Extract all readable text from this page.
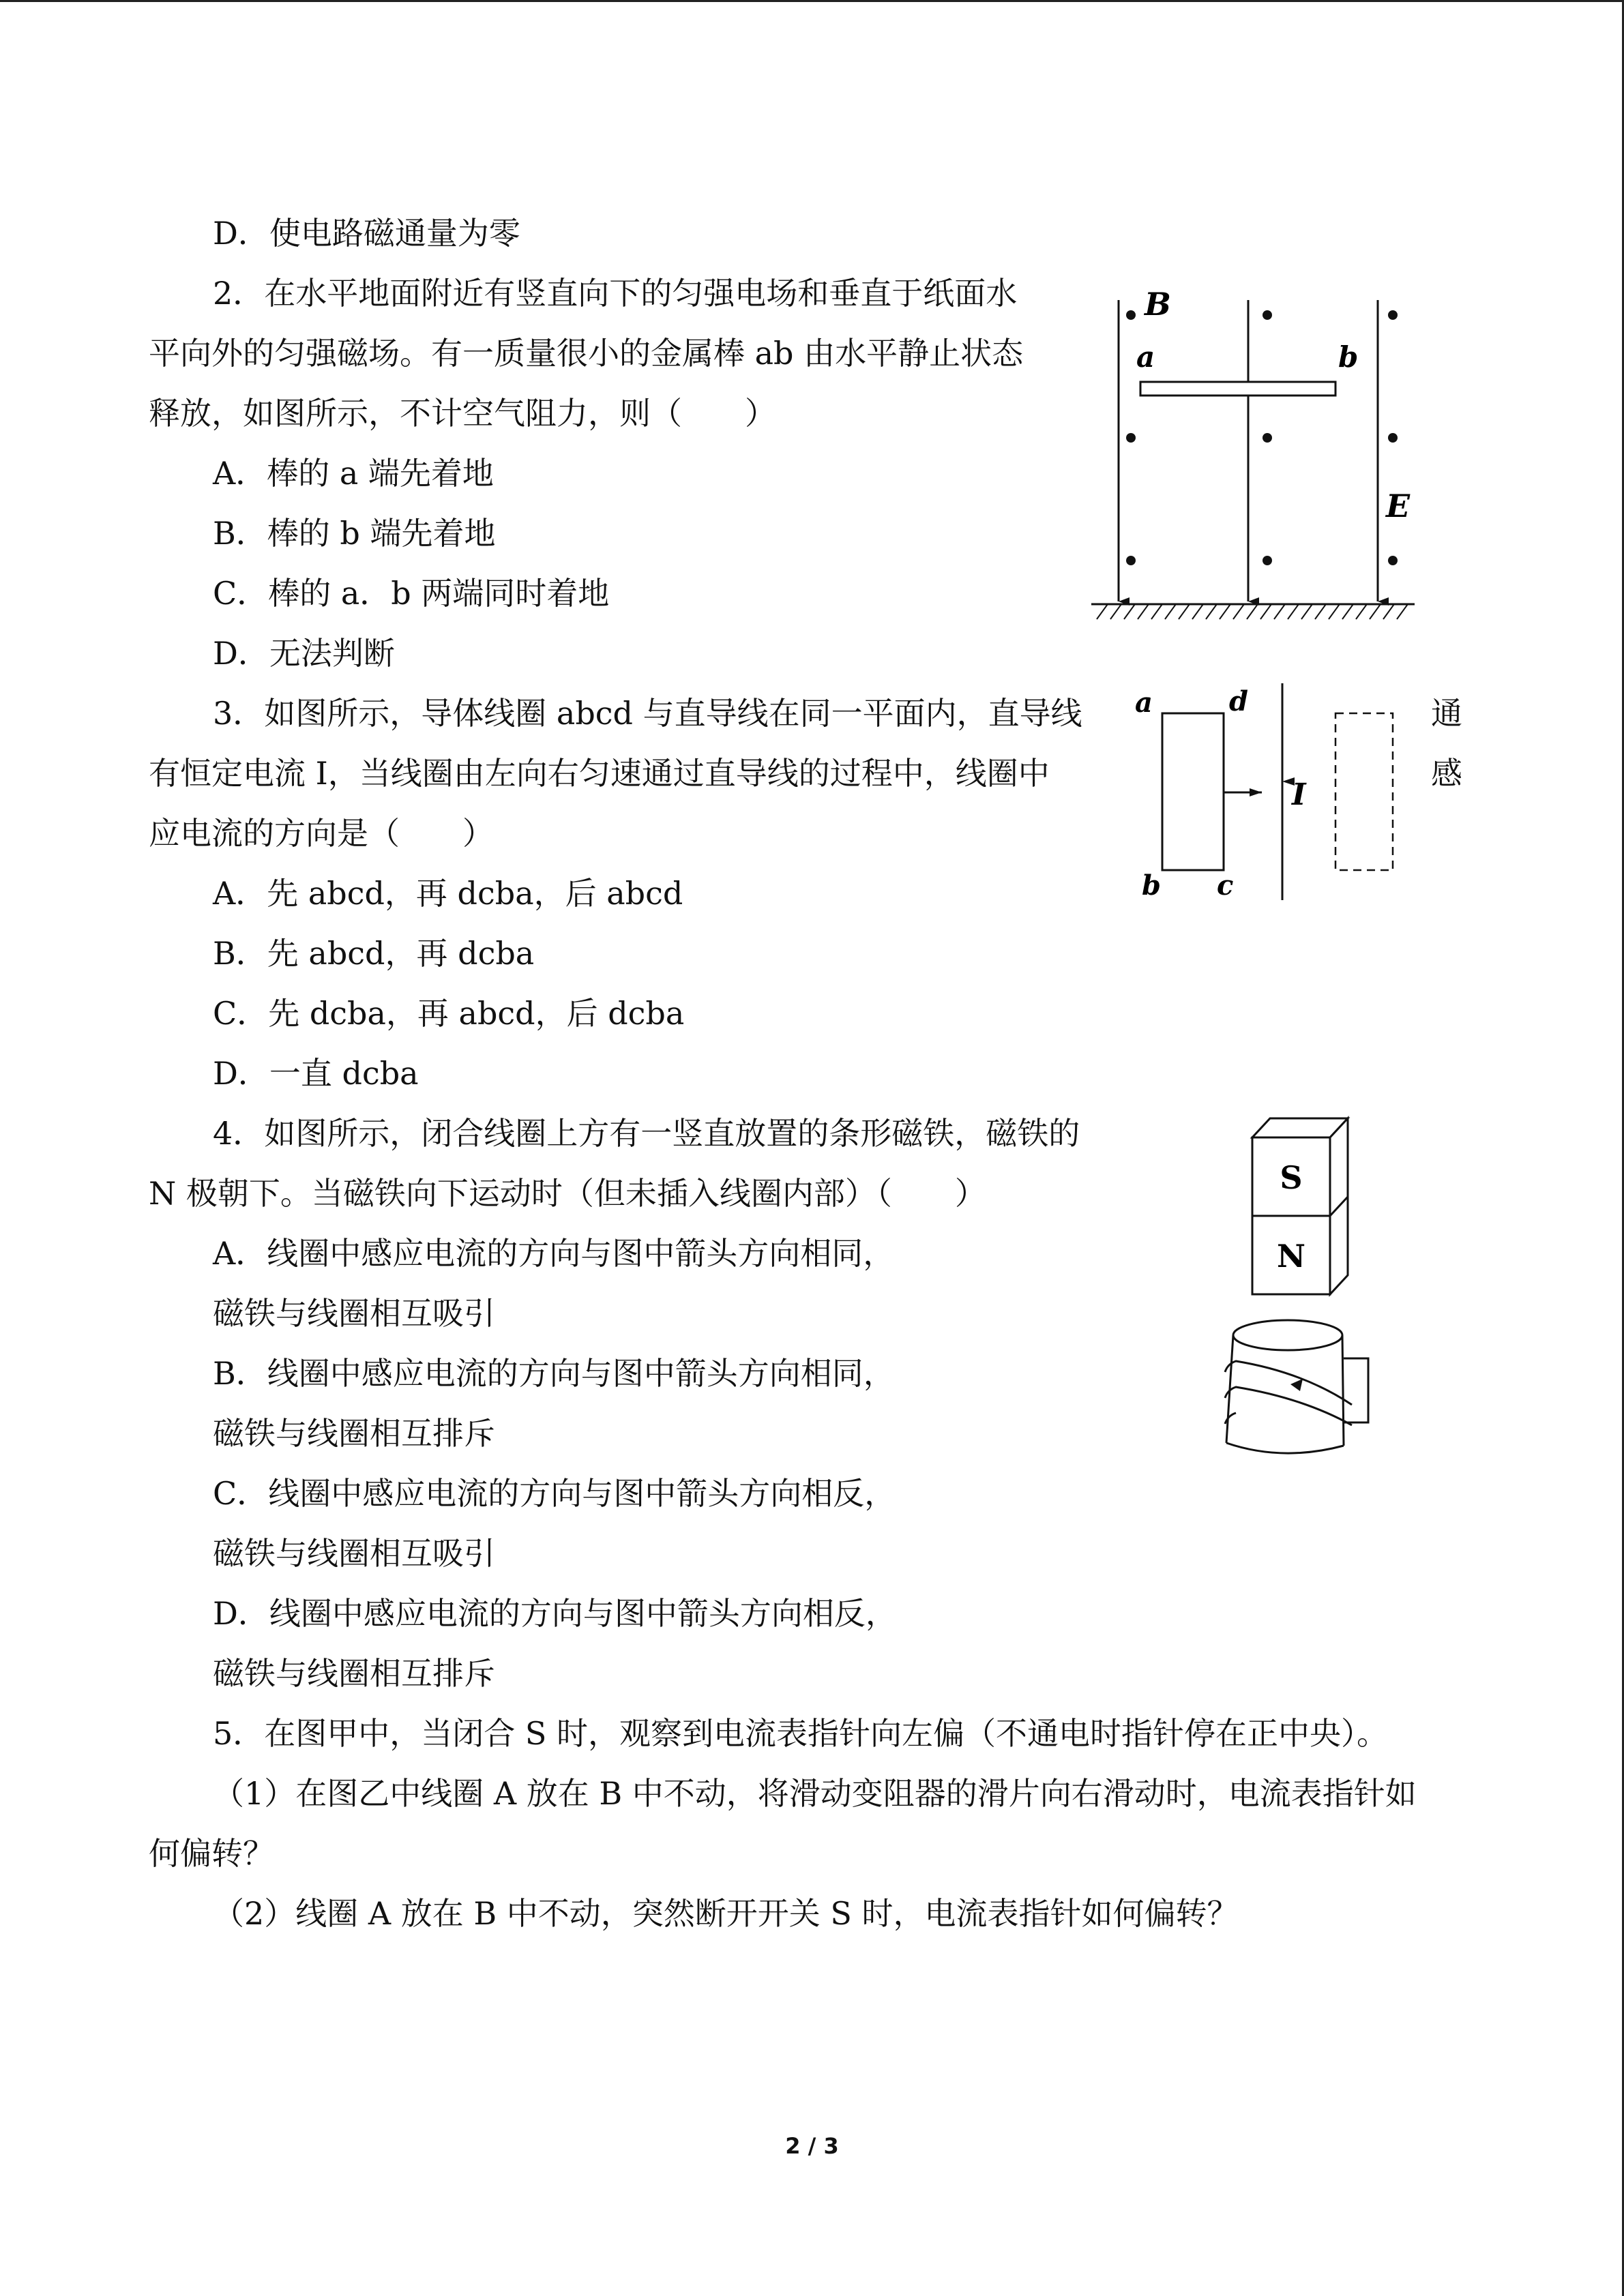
D．使电路磁通量为零
2．在水平地面附近有竖直向下的匀强电场和垂直于纸面水
平向外的匀强磁场。有一质量很小的金属棒 ab 由水平静止状态
释放，如图所示，不计空气阻力，则（　　）
A．棒的 a 端先着地
B．棒的 b 端先着地
C．棒的 a．b 两端同时着地
D．无法判断
3．如图所示，导体线圈 abcd 与直导线在同一平面内，直导线
有恒定电流 I，当线圈由左向右匀速通过直导线的过程中，线圈中
应电流的方向是（　　）
A．先 abcd，再 dcba，后 abcd
B．先 abcd，再 dcba
C．先 dcba，再 abcd，后 dcba
D．一直 dcba
4．如图所示，闭合线圈上方有一竖直放置的条形磁铁，磁铁的
N 极朝下。当磁铁向下运动时（但未插入线圈内部）（　　）
A．线圈中感应电流的方向与图中箭头方向相同，
磁铁与线圈相互吸引
B．线圈中感应电流的方向与图中箭头方向相同，
磁铁与线圈相互排斥
C．线圈中感应电流的方向与图中箭头方向相反，
磁铁与线圈相互吸引
D．线圈中感应电流的方向与图中箭头方向相反，
磁铁与线圈相互排斥
5．在图甲中，当闭合 S 时，观察到电流表指针向左偏（不通电时指针停在正中央）。
（1）在图乙中线圈 A 放在 B 中不动，将滑动变阻器的滑片向右滑动时，电流表指针如
何偏转？
（2）线圈 A 放在 B 中不动，突然断开开关 S 时，电流表指针如何偏转？
通
感
B
a	b
E
a	d
b c
I
S
N
2 / 3
